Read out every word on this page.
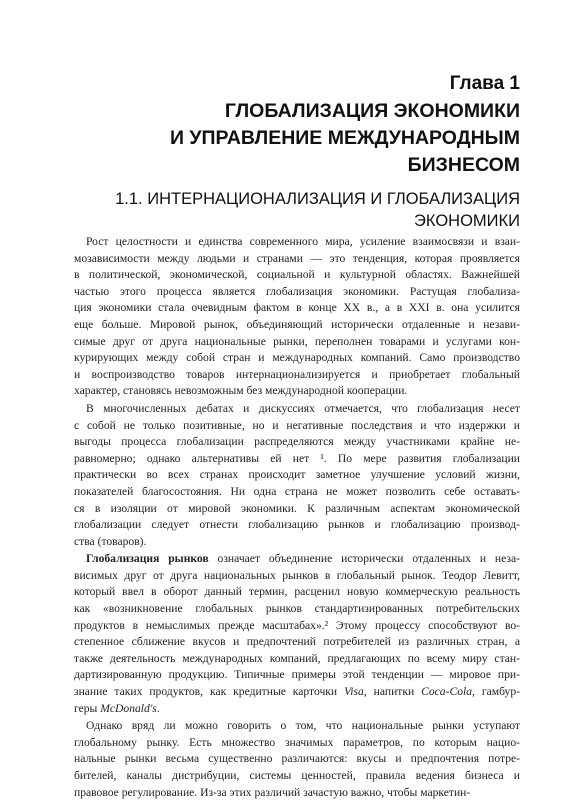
Глава 1
ГЛОБАЛИЗАЦИЯ ЭКОНОМИКИ
И УПРАВЛЕНИЕ МЕЖДУНАРОДНЫМ
БИЗНЕСОМ
1.1. ИНТЕРНАЦИОНАЛИЗАЦИЯ И ГЛОБАЛИЗАЦИЯ
ЭКОНОМИКИ
Рост целостности и единства современного мира, усиление взаимосвязи и взаи-
мозависимости между людьми и странами — это тенденция, которая проявляется
в политической, экономической, социальной и культурной областях. Важнейшей
частью этого процесса является глобализация экономики. Растущая глобализа-
ция экономики стала очевидным фактом в конце XX в., а в XXI в. она усилится
еще больше. Мировой рынок, объединяющий исторически отдаленные и незави-
симые друг от друга национальные рынки, переполнен товарами и услугами кон-
курирующих между собой стран и международных компаний. Само производство
и воспроизводство товаров интернационализируется и приобретает глобальный
характер, становясь невозможным без международной кооперации.
В многочисленных дебатах и дискуссиях отмечается, что глобализация несет
с собой не только позитивные, но и негативные последствия и что издержки и
выгоды процесса глобализации распределяются между участниками крайне не-
равномерно; однако альтернативы ей нет ¹. По мере развития глобализации
практически во всех странах происходит заметное улучшение условий жизни,
показателей благосостояния. Ни одна страна не может позволить себе оставать-
ся в изоляции от мировой экономики. К различным аспектам экономической
глобализации следует отнести глобализацию рынков и глобализацию производ-
ства (товаров).
Глобализация рынков означает объединение исторически отдаленных и неза-
висимых друг от друга национальных рынков в глобальный рынок. Теодор Левитт,
который ввел в оборот данный термин, расценил новую коммерческую реальность
как «возникновение глобальных рынков стандартизированных потребительских
продуктов в немыслимых прежде масштабах».² Этому процессу способствуют во-
степенное сближение вкусов и предпочтений потребителей из различных стран, а
также деятельность международных компаний, предлагающих по всему миру стан-
дартизированную продукцию. Типичные примеры этой тенденции — мировое при-
знание таких продуктов, как кредитные карточки Visa, напитки Coca-Cola, гамбур-
геры McDonald's.
Однако вряд ли можно говорить о том, что национальные рынки уступают
глобальному рынку. Есть множество значимых параметров, по которым нацио-
нальные рынки весьма существенно различаются: вкусы и предпочтения потре-
бителей, каналы дистрибуции, системы ценностей, правила ведения бизнеса и
правовое регулирование. Из-за этих различий зачастую важно, чтобы маркетин-
